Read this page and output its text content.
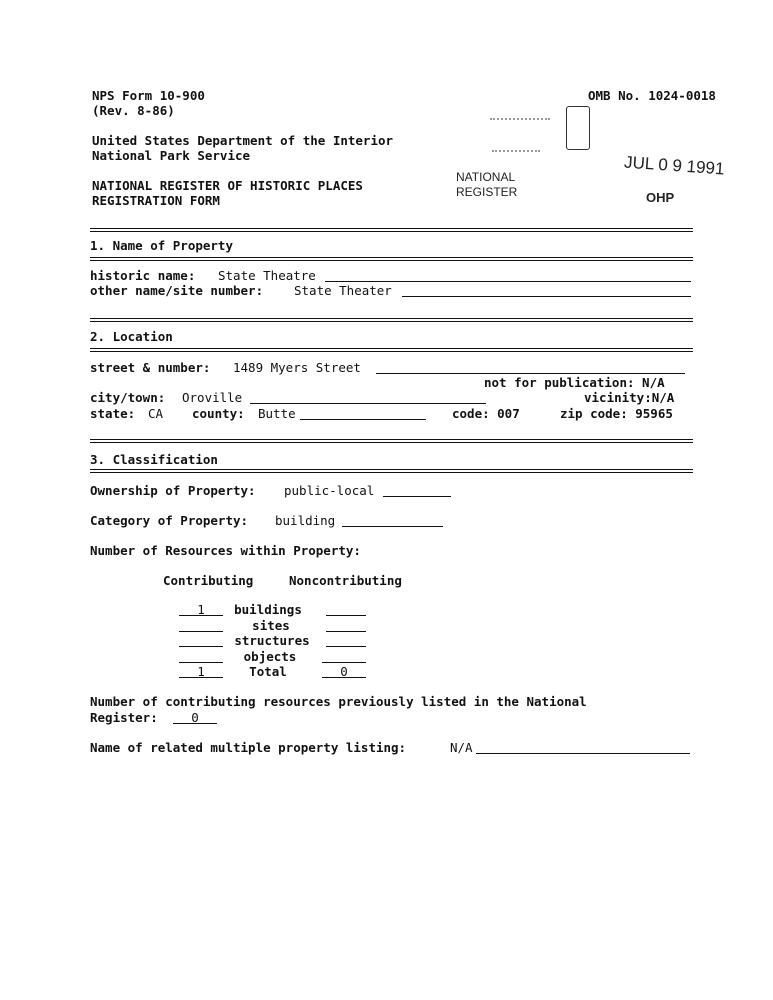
NPS Form 10-900
(Rev. 8-86)
OMB No. 1024-0018
United States Department of the Interior
National Park Service
NATIONAL REGISTER OF HISTORIC PLACES
REGISTRATION FORM
NATIONAL
REGISTER
JUL 0 9 1991
OHP
1. Name of Property
historic name: State Theatre
other name/site number: State Theater
2. Location
street & number: 1489 Myers Street
not for publication: N/A
city/town: Oroville	vicinity:N/A
state: CA county: Butte	code: 007	zip code: 95965
3. Classification
Ownership of Property: public-local
Category of Property: building
Number of Resources within Property:
Contributing	Noncontributing
1	buildings
sites
structures
objects
1	Total	0
Number of contributing resources previously listed in the National
Register:	0
Name of related multiple property listing:	N/A
